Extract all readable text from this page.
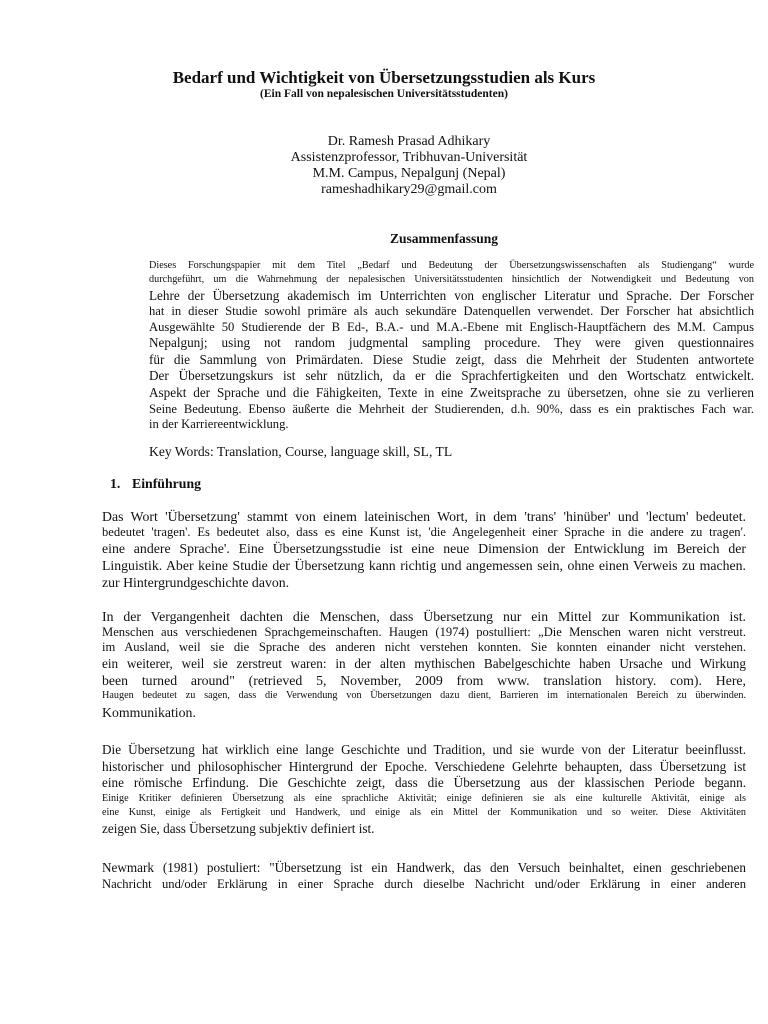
Bedarf und Wichtigkeit von Übersetzungsstudien als Kurs
(Ein Fall von nepalesischen Universitätsstudenten)
Dr. Ramesh Prasad Adhikary
Assistenzprofessor, Tribhuvan-Universität
M.M. Campus, Nepalgunj (Nepal)
rameshadhikary29@gmail.com
Zusammenfassung
Dieses Forschungspapier mit dem Titel „Bedarf und Bedeutung der Übersetzungswissenschaften als Studiengang“ wurde
durchgeführt, um die Wahrnehmung der nepalesischen Universitätsstudenten hinsichtlich der Notwendigkeit und Bedeutung von
Lehre der Übersetzung akademisch im Unterrichten von englischer Literatur und Sprache. Der Forscher
hat in dieser Studie sowohl primäre als auch sekundäre Datenquellen verwendet. Der Forscher hat absichtlich
Ausgewählte 50 Studierende der B Ed-, B.A.- und M.A.-Ebene mit Englisch-Hauptfächern des M.M. Campus
Nepalgunj; using not random judgmental sampling procedure. They were given questionnaires
für die Sammlung von Primärdaten. Diese Studie zeigt, dass die Mehrheit der Studenten antwortete
Der Übersetzungskurs ist sehr nützlich, da er die Sprachfertigkeiten und den Wortschatz entwickelt.
Aspekt der Sprache und die Fähigkeiten, Texte in eine Zweitsprache zu übersetzen, ohne sie zu verlieren
Seine Bedeutung. Ebenso äußerte die Mehrheit der Studierenden, d.h. 90%, dass es ein praktisches Fach war.
in der Karriereentwicklung.
Key Words: Translation, Course, language skill, SL, TL
1. Einführung
Das Wort 'Übersetzung' stammt von einem lateinischen Wort, in dem 'trans' 'hinüber' und 'lectum' bedeutet.
bedeutet 'tragen'. Es bedeutet also, dass es eine Kunst ist, 'die Angelegenheit einer Sprache in die andere zu tragen'.
eine andere Sprache'. Eine Übersetzungsstudie ist eine neue Dimension der Entwicklung im Bereich der
Linguistik. Aber keine Studie der Übersetzung kann richtig und angemessen sein, ohne einen Verweis zu machen.
zur Hintergrundgeschichte davon.
In der Vergangenheit dachten die Menschen, dass Übersetzung nur ein Mittel zur Kommunikation ist.
Menschen aus verschiedenen Sprachgemeinschaften. Haugen (1974) postulliert: „Die Menschen waren nicht verstreut.
im Ausland, weil sie die Sprache des anderen nicht verstehen konnten. Sie konnten einander nicht verstehen.
ein weiterer, weil sie zerstreut waren: in der alten mythischen Babelgeschichte haben Ursache und Wirkung
been turned around" (retrieved 5, November, 2009 from www. translation history. com). Here,
Haugen bedeutet zu sagen, dass die Verwendung von Übersetzungen dazu dient, Barrieren im internationalen Bereich zu überwinden.
Kommunikation.
Die Übersetzung hat wirklich eine lange Geschichte und Tradition, und sie wurde von der Literatur beeinflusst.
historischer und philosophischer Hintergrund der Epoche. Verschiedene Gelehrte behaupten, dass Übersetzung ist
eine römische Erfindung. Die Geschichte zeigt, dass die Übersetzung aus der klassischen Periode begann.
Einige Kritiker definieren Übersetzung als eine sprachliche Aktivität; einige definieren sie als eine kulturelle Aktivität, einige als
eine Kunst, einige als Fertigkeit und Handwerk, und einige als ein Mittel der Kommunikation und so weiter. Diese Aktivitäten
zeigen Sie, dass Übersetzung subjektiv definiert ist.
Newmark (1981) postuliert: "Übersetzung ist ein Handwerk, das den Versuch beinhaltet, einen geschriebenen
Nachricht und/oder Erklärung in einer Sprache durch dieselbe Nachricht und/oder Erklärung in einer anderen
